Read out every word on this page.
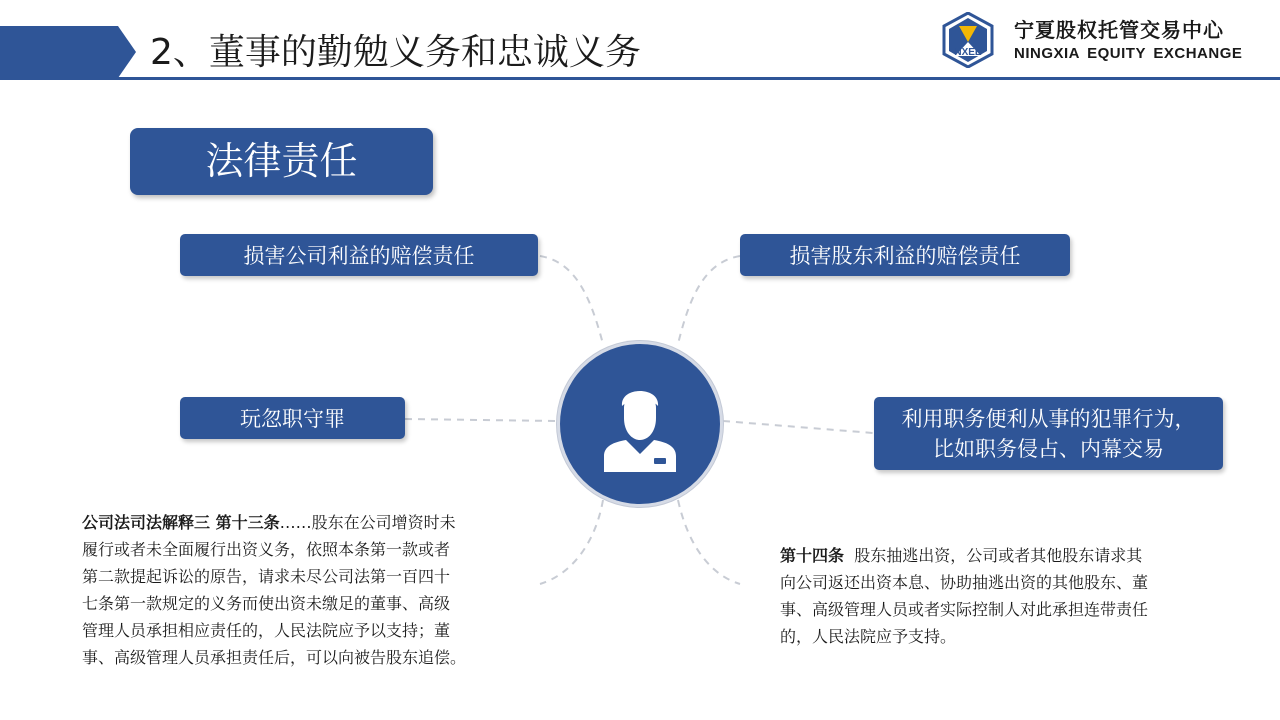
2、董事的勤勉义务和忠诚义务	NXEE
宁夏股权托管交易中心
NINGXIA EQUITY EXCHANGE
法律责任
损害公司利益的赔偿责任	损害股东利益的赔偿责任
玩忽职守罪	利用职务便利从事的犯罪行为，
比如职务侵占、内幕交易
公司法司法解释三 第十三条……股东在公司增资时未
履行或者未全面履行出资义务，依照本条第一款或者
第二款提起诉讼的原告，请求未尽公司法第一百四十
七条第一款规定的义务而使出资未缴足的董事、高级
管理人员承担相应责任的，人民法院应予以支持；董
事、高级管理人员承担责任后，可以向被告股东追偿。
第十四条  股东抽逃出资，公司或者其他股东请求其
向公司返还出资本息、协助抽逃出资的其他股东、董
事、高级管理人员或者实际控制人对此承担连带责任
的，人民法院应予支持。
